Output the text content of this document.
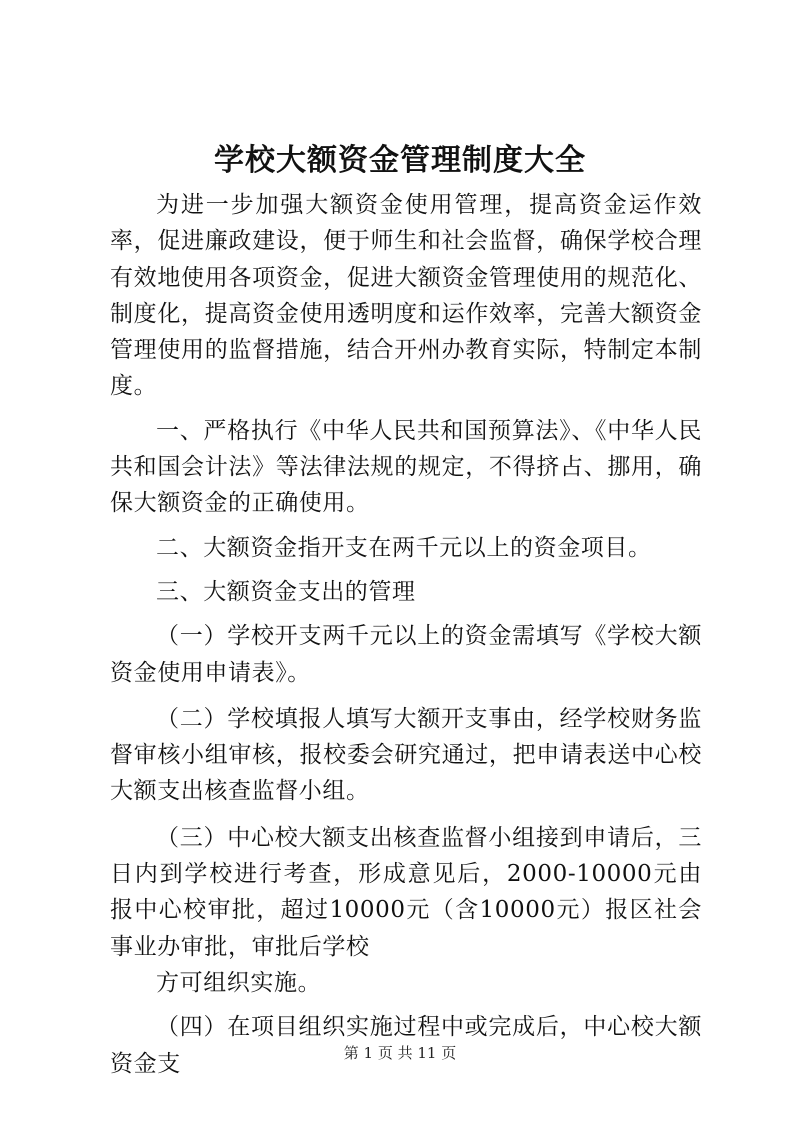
学校大额资金管理制度大全

为进一步加强大额资金使用管理，提高资金运作效率，促进廉政建设，便于师生和社会监督，确保学校合理有效地使用各项资金，促进大额资金管理使用的规范化、制度化，提高资金使用透明度和运作效率，完善大额资金管理使用的监督措施，结合开州办教育实际，特制定本制度。

一、严格执行《中华人民共和国预算法》、《中华人民共和国会计法》等法律法规的规定，不得挤占、挪用，确保大额资金的正确使用。

二、大额资金指开支在两千元以上的资金项目。

三、大额资金支出的管理

（一）学校开支两千元以上的资金需填写《学校大额资金使用申请表》。

（二）学校填报人填写大额开支事由，经学校财务监督审核小组审核，报校委会研究通过，把申请表送中心校大额支出核查监督小组。

（三）中心校大额支出核查监督小组接到申请后，三日内到学校进行考查，形成意见后，2000-10000元由报中心校审批，超过10000元（含10000元）报区社会事业办审批，审批后学校

方可组织实施。

（四）在项目组织实施过程中或完成后，中心校大额资金支	第 1 页 共 11 页
